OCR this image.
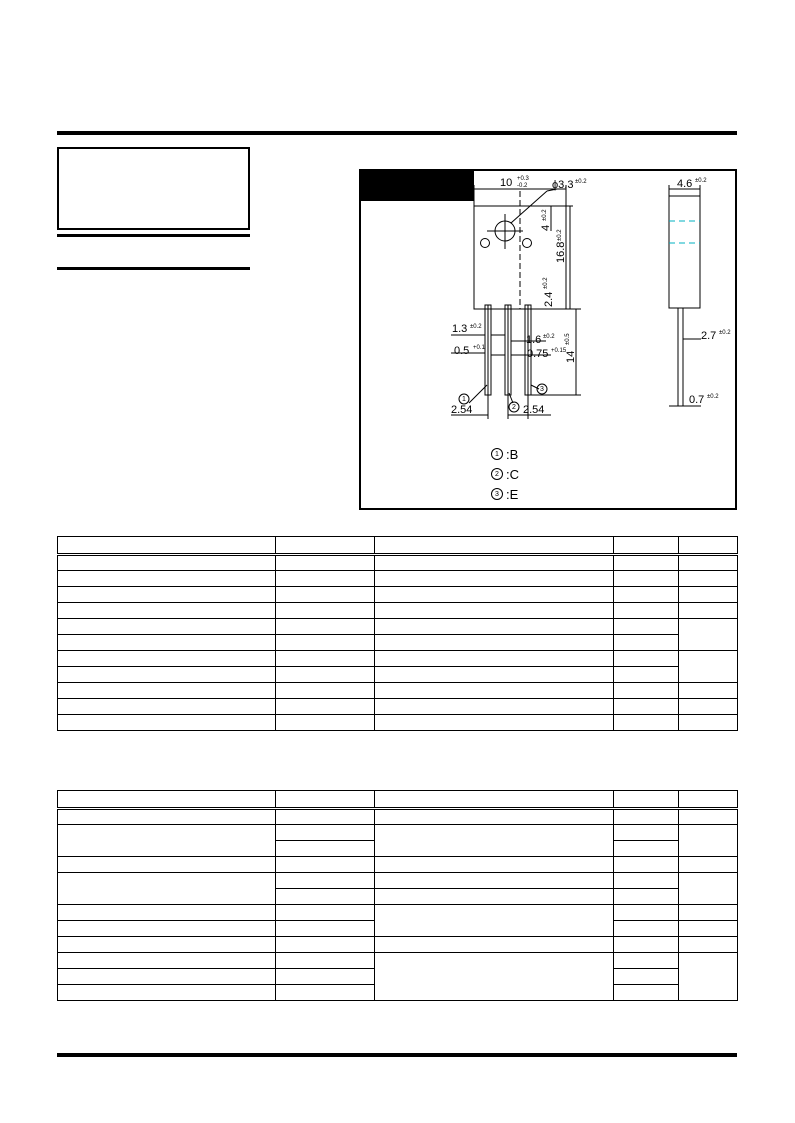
10 +0.3
-0.2 ϕ3.3 ±0.2
4
±0.2
16.8
±0.2
2.4
±0.2
14
±0.5
1.3 ±0.2
1.6 ±0.2
0.5 +0.1	0.75 +0.15
2.54	2.54
1
2
3
4.6 ±0.2
2.7 ±0.2
0.7 ±0.2
1
2
3
:B
:C
:E
